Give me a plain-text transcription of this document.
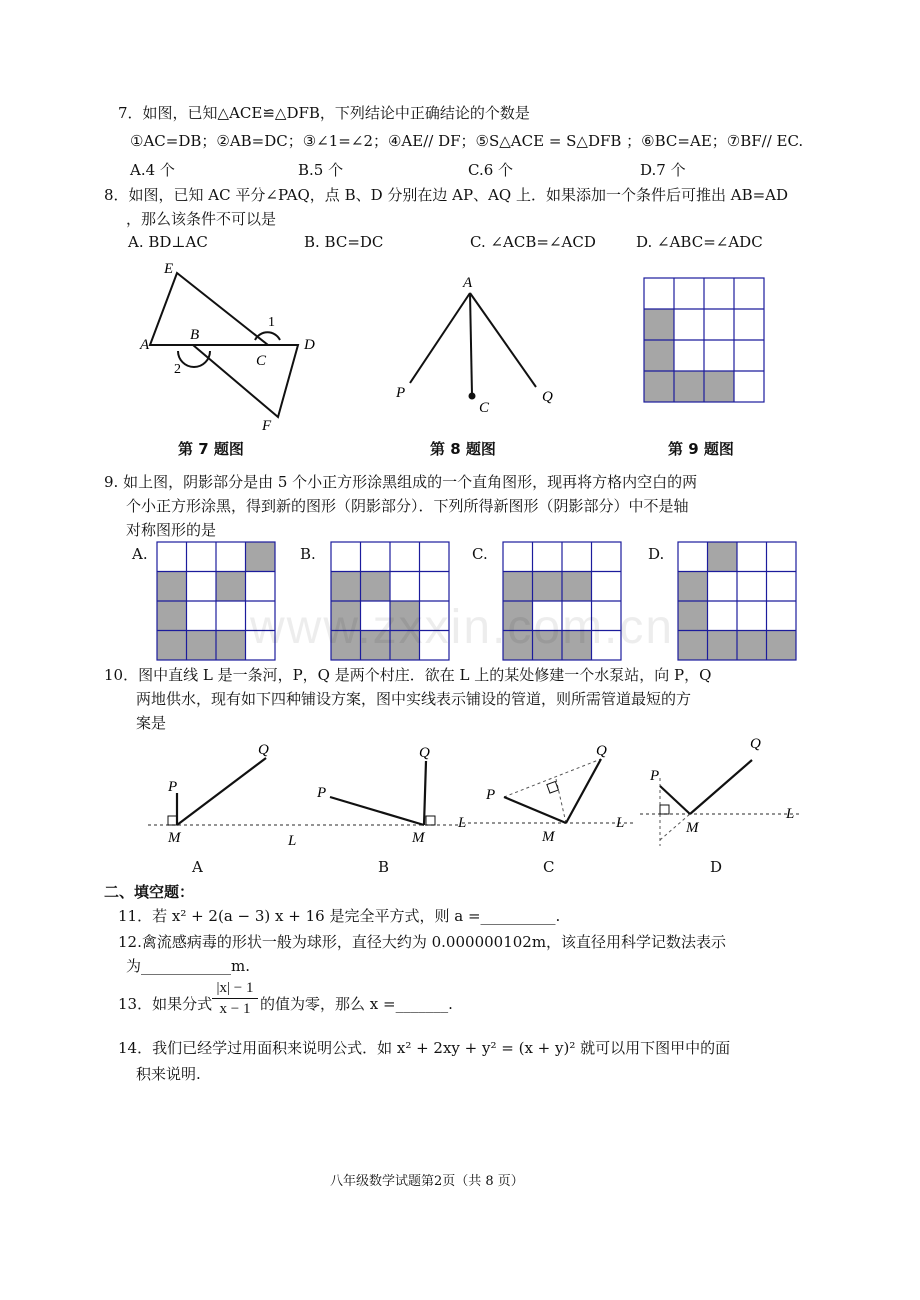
7．如图，已知△ACE≌△DFB，下列结论中正确结论的个数是
①AC=DB；②AB=DC；③∠1=∠2；④AE// DF；⑤S△ACE = S△DFB ；⑥BC=AE；⑦BF// EC.
A.4 个	B.5 个	C.6 个	D.7 个
8．如图，已知 AC 平分∠PAQ，点 B、D 分别在边 AP、AQ 上．如果添加一个条件后可推出 AB=AD
，那么该条件不可以是
A. BD⊥AC	B. BC=DC	C. ∠ACB=∠ACD	D. ∠ABC=∠ADC
E
A
B
C
D
F
1
2
第 7 题图
A
P
C
Q
第 8 题图	第 9 题图
9. 如上图，阴影部分是由 5 个小正方形涂黑组成的一个直角图形，现再将方格内空白的两
个小正方形涂黑，得到新的图形（阴影部分）．下列所得新图形（阴影部分）中不是轴
对称图形的是
A.	B.	C.	D.
www.zxxin.com.cn
10．图中直线 L 是一条河，P，Q 是两个村庄．欲在 L 上的某处修建一个水泵站，向 P，Q
两地供水，现有如下四种铺设方案，图中实线表示铺设的管道，则所需管道最短的方
案是
P
Q
M	L
A
P
Q
M
B
P
Q
M
L	L
C
P
Q
M
L
D
二、填空题：
11．若 x² + 2(a − 3) x + 16 是完全平方式，则 a =__________.
12.禽流感病毒的形状一般为球形，直径大约为 0.000000102m，该直径用科学记数法表示
为____________m.
13．如果分式 $\frac{|x| - 1}{x - 1}$ 的值为零，那么 x =_______.
14．我们已经学过用面积来说明公式．如 x² + 2xy + y² = (x + y)² 就可以用下图甲中的面
积来说明.
八年级数学试题第2页（共 8 页）
